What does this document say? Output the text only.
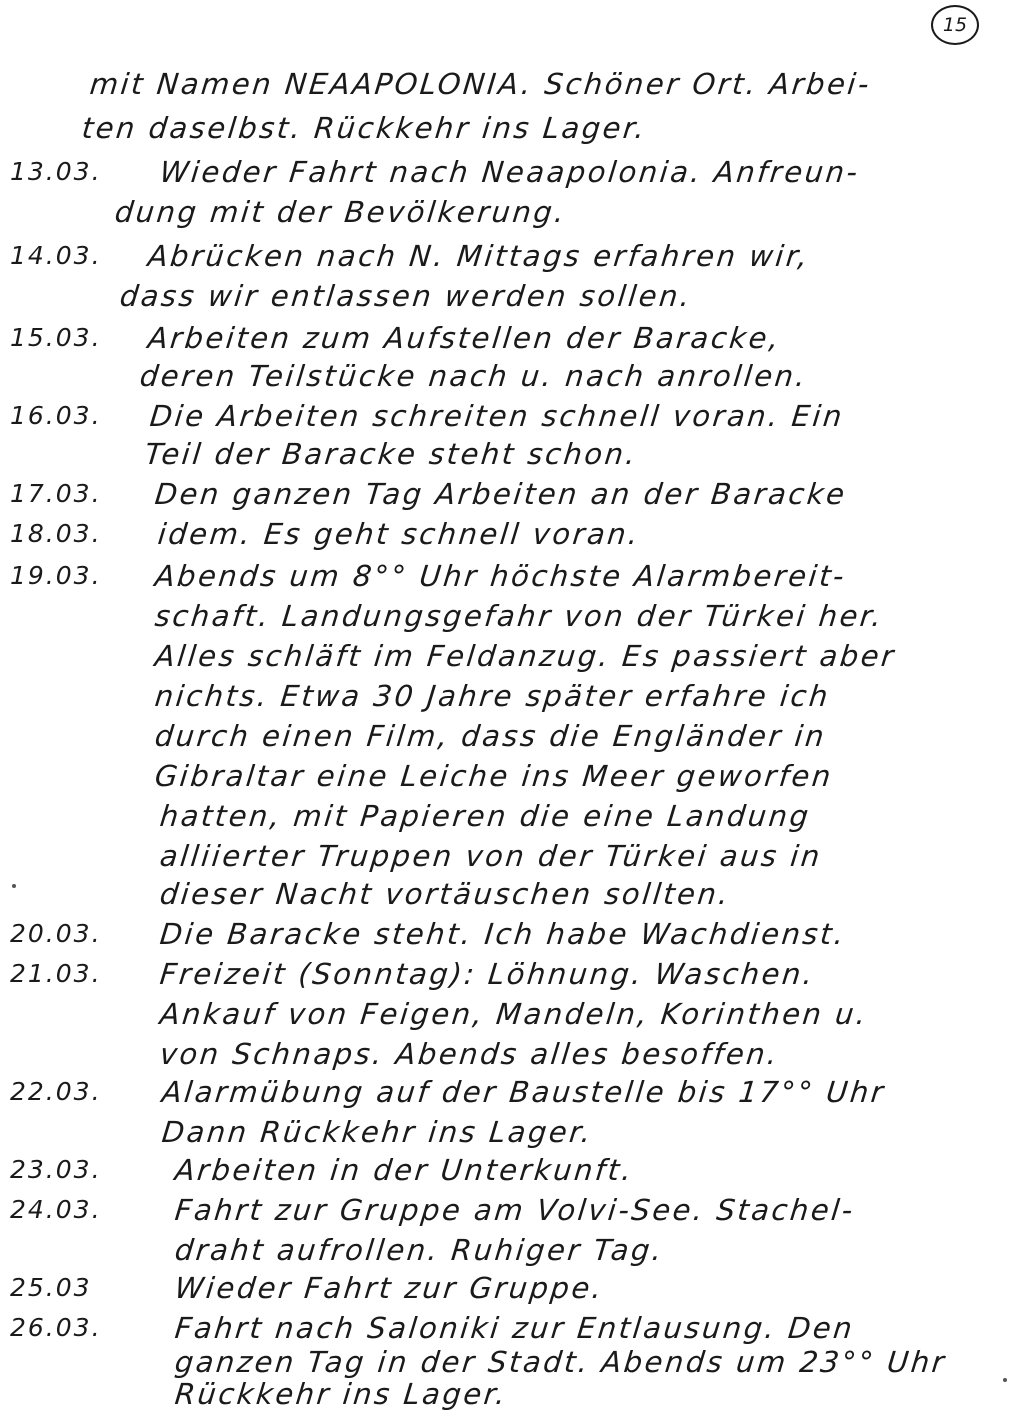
15
mit Namen NEAAPOLONIA. Schöner Ort. Arbei-
ten daselbst. Rückkehr ins Lager.
13.03. Wieder Fahrt nach Neaapolonia. Anfreun-
dung mit der Bevölkerung.
14.03. Abrücken nach N. Mittags erfahren wir,
dass wir entlassen werden sollen.
15.03. Arbeiten zum Aufstellen der Baracke,
deren Teilstücke nach u. nach anrollen.
16.03. Die Arbeiten schreiten schnell voran. Ein
Teil der Baracke steht schon.
17.03. Den ganzen Tag Arbeiten an der Baracke
18.03. idem. Es geht schnell voran.
19.03. Abends um 8°° Uhr höchste Alarmbereit-
schaft. Landungsgefahr von der Türkei her.
Alles schläft im Feldanzug. Es passiert aber
nichts. Etwa 30 Jahre später erfahre ich
durch einen Film, dass die Engländer in
Gibraltar eine Leiche ins Meer geworfen
hatten, mit Papieren die eine Landung
alliierter Truppen von der Türkei aus in
dieser Nacht vortäuschen sollten.
20.03. Die Baracke steht. Ich habe Wachdienst.
21.03. Freizeit (Sonntag): Löhnung. Waschen.
Ankauf von Feigen, Mandeln, Korinthen u.
von Schnaps. Abends alles besoffen.
22.03. Alarmübung auf der Baustelle bis 17°° Uhr
Dann Rückkehr ins Lager.
23.03. Arbeiten in der Unterkunft.
24.03. Fahrt zur Gruppe am Volvi-See. Stachel-
draht aufrollen. Ruhiger Tag.
25.03	Wieder Fahrt zur Gruppe.
26.03. Fahrt nach Saloniki zur Entlausung. Den
ganzen Tag in der Stadt. Abends um 23°° Uhr
Rückkehr ins Lager.
